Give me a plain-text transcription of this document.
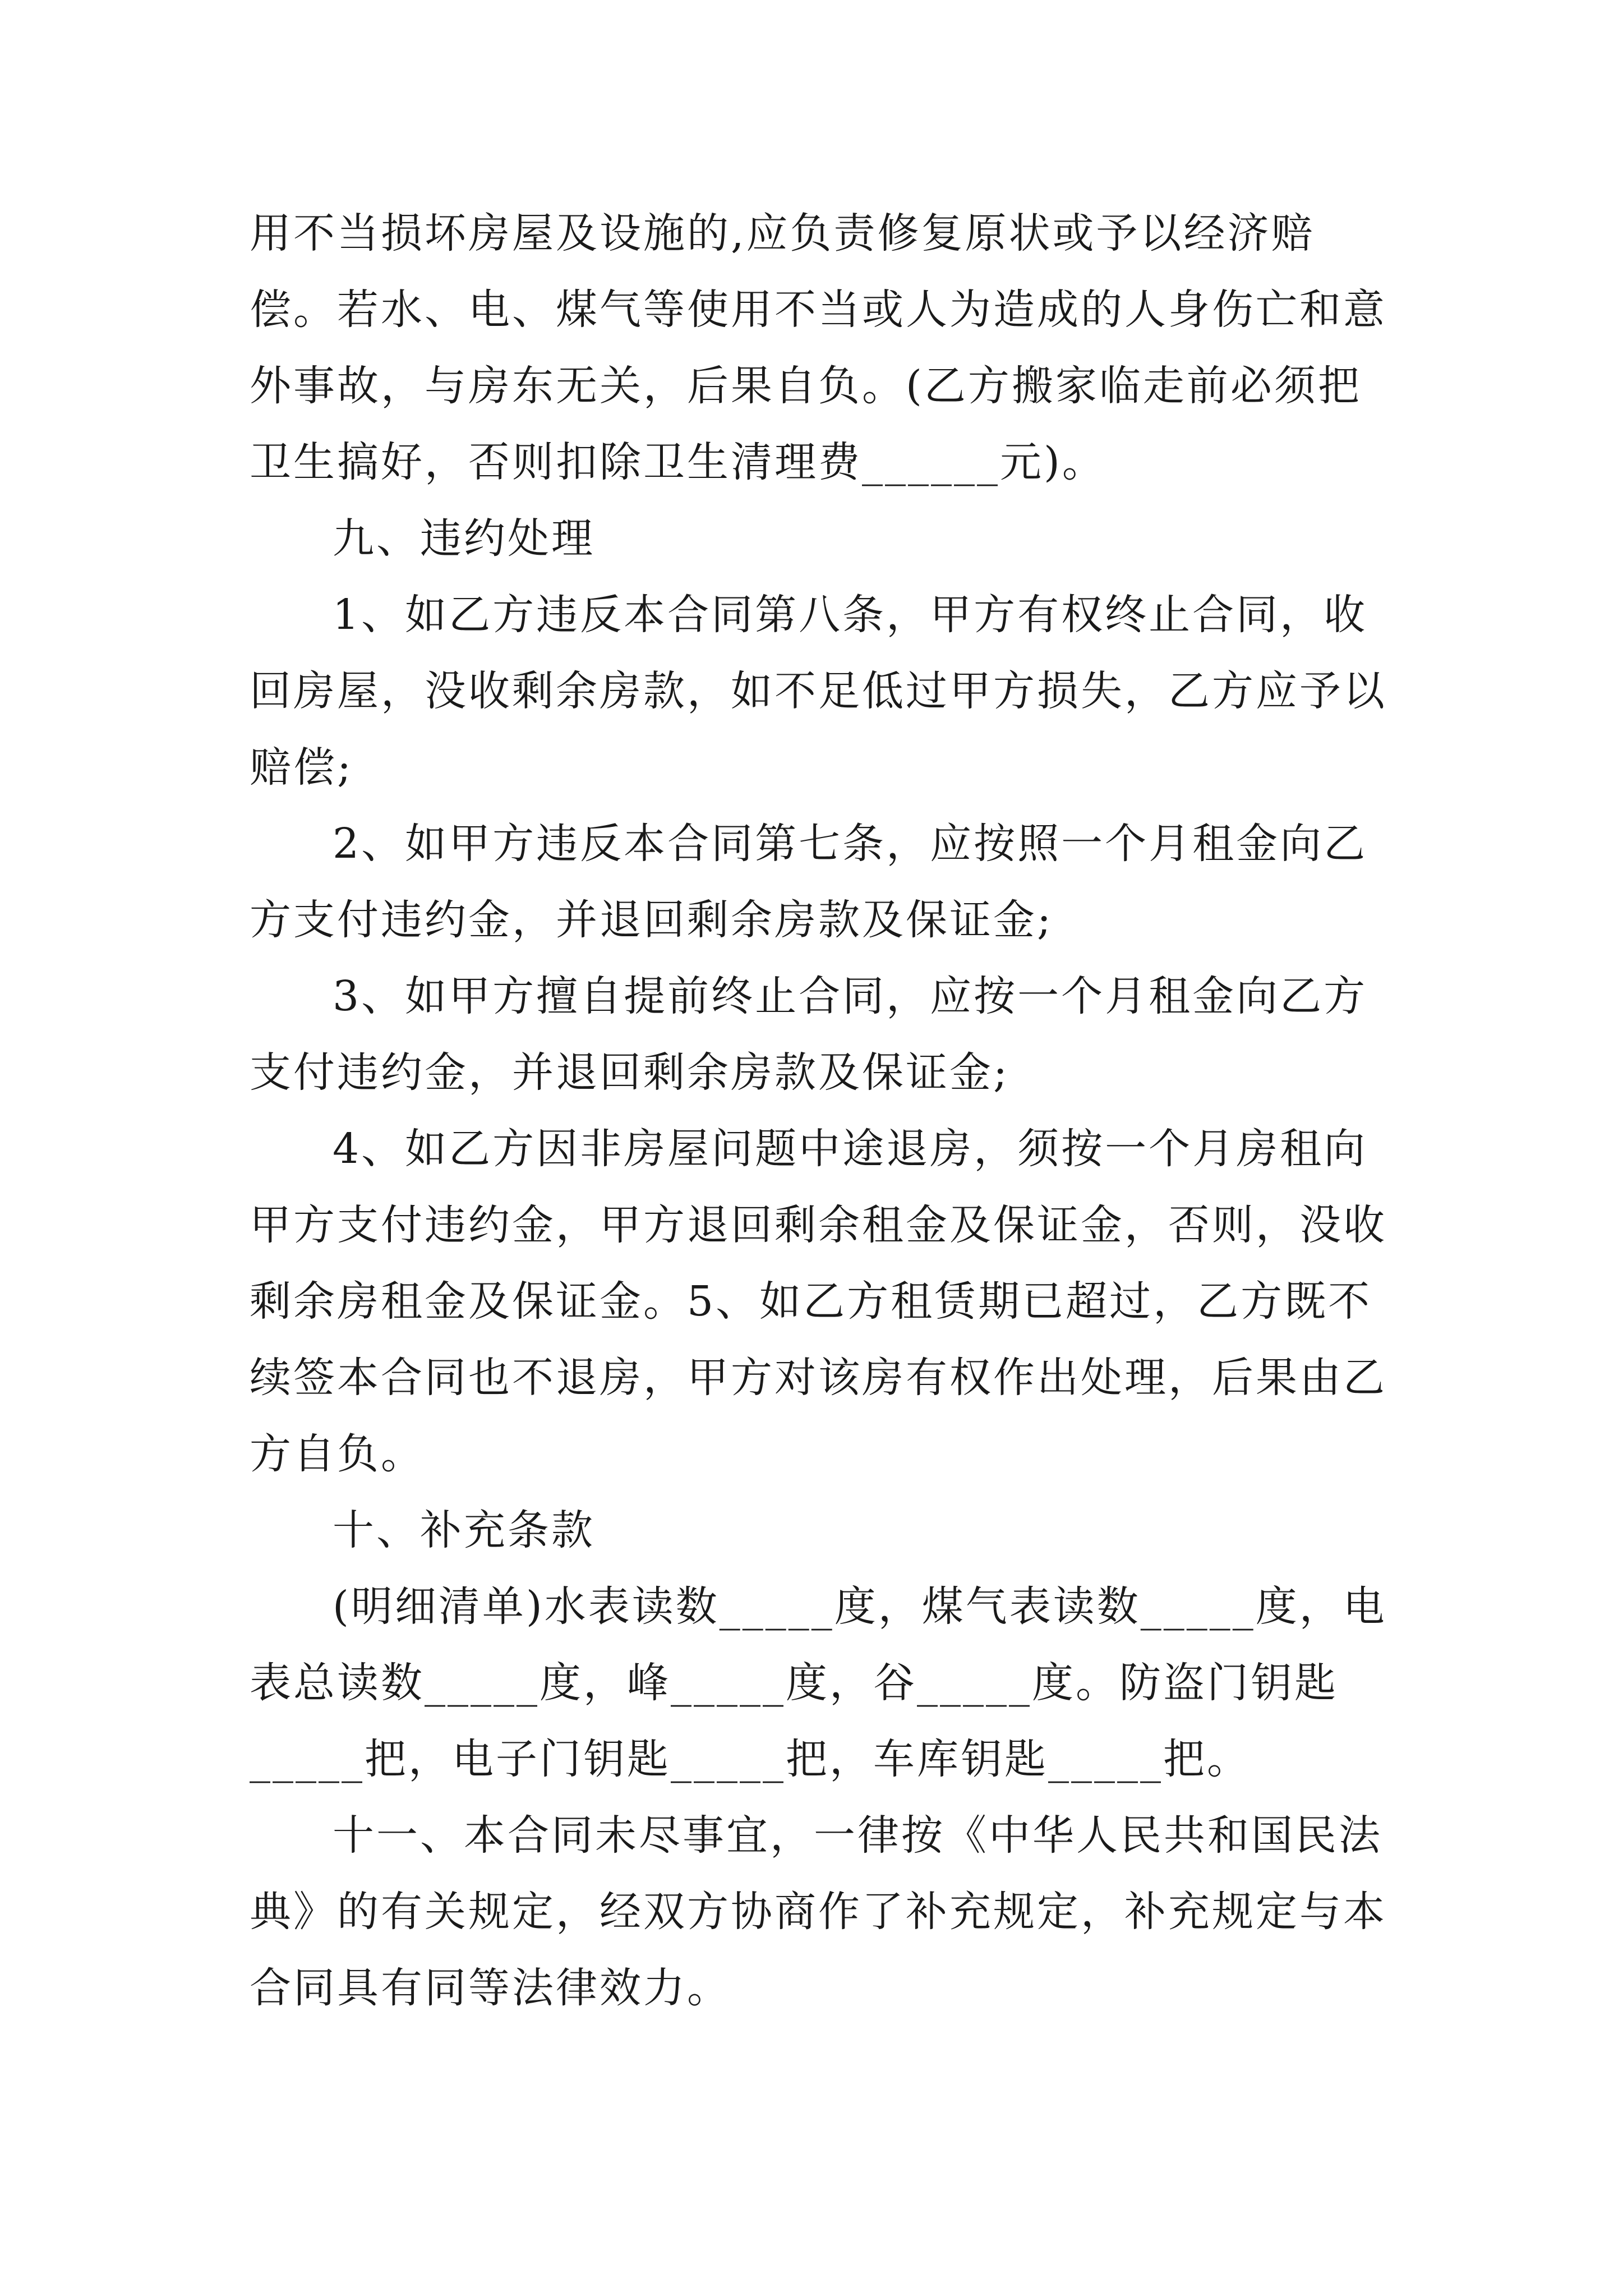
用不当损坏房屋及设施的,应负责修复原状或予以经济赔偿。若水、电、煤气等使用不当或人为造成的人身伤亡和意外事故，与房东无关，后果自负。(乙方搬家临走前必须把卫生搞好，否则扣除卫生清理费______元)。

九、违约处理

1、如乙方违反本合同第八条，甲方有权终止合同，收回房屋，没收剩余房款，如不足低过甲方损失，乙方应予以赔偿;

2、如甲方违反本合同第七条，应按照一个月租金向乙方支付违约金，并退回剩余房款及保证金;

3、如甲方擅自提前终止合同，应按一个月租金向乙方支付违约金，并退回剩余房款及保证金;

4、如乙方因非房屋问题中途退房，须按一个月房租向甲方支付违约金，甲方退回剩余租金及保证金，否则，没收剩余房租金及保证金。5、如乙方租赁期已超过，乙方既不续签本合同也不退房，甲方对该房有权作出处理，后果由乙方自负。

十、补充条款

(明细清单)水表读数_____度，煤气表读数_____度，电表总读数_____度，峰_____度，谷_____度。防盗门钥匙_____把，电子门钥匙_____把，车库钥匙_____把。

十一、本合同未尽事宜，一律按《中华人民共和国民法典》的有关规定，经双方协商作了补充规定，补充规定与本合同具有同等法律效力。
